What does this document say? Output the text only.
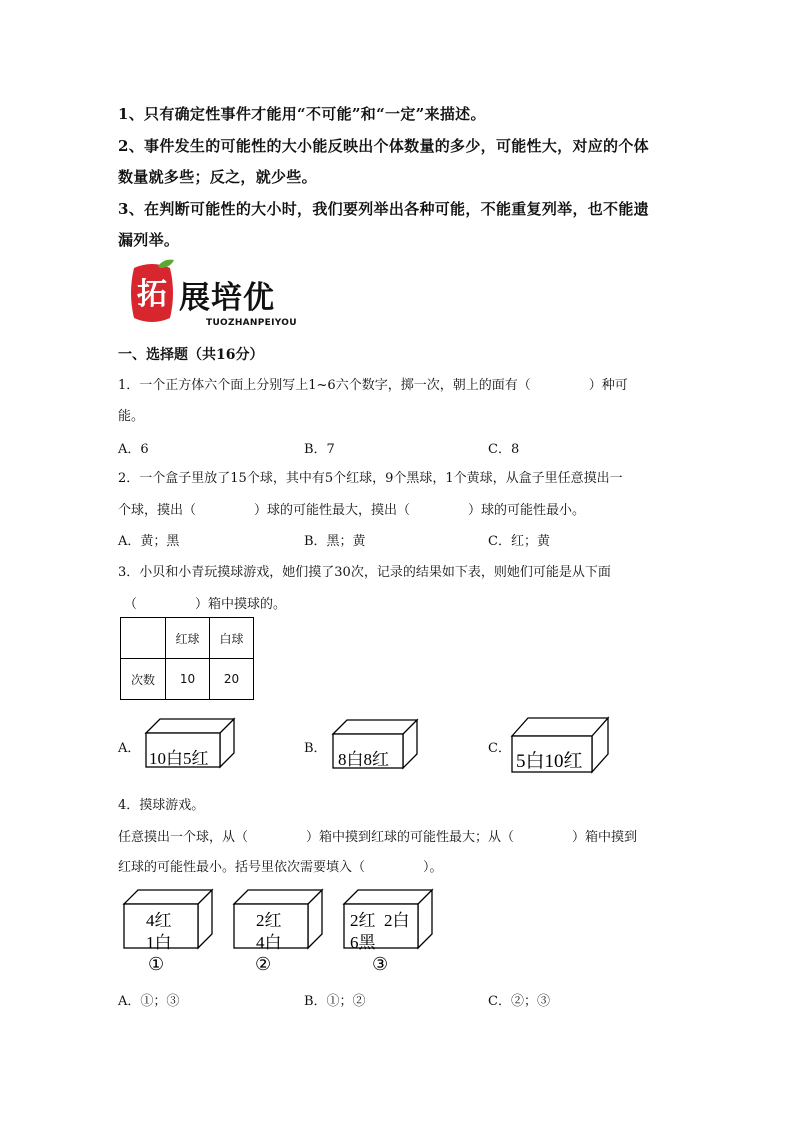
1、只有确定性事件才能用“不可能”和“一定”来描述。
2、事件发生的可能性的大小能反映出个体数量的多少，可能性大，对应的个体
数量就多些；反之，就少些。
3、在判断可能性的大小时，我们要列举出各种可能，不能重复列举，也不能遗
漏列举。
拓 展培优
TUOZHANPEIYOU
一、选择题（共16分）
1．一个正方体六个面上分别写上1~6六个数字，掷一次，朝上的面有（	）种可
能。
A．6	B．7	C．8
2．一个盒子里放了15个球，其中有5个红球，9个黑球，1个黄球，从盒子里任意摸出一
个球，摸出（	）球的可能性最大，摸出（	）球的可能性最小。
A．黄；黑	B．黑；黄	C．红；黄
3．小贝和小青玩摸球游戏，她们摸了30次，记录的结果如下表，则她们可能是从下面
（	）箱中摸球的。
	红球	白球
次数	10	20
A．
10白5红
B．
8白8红
C．
5白10红
4．摸球游戏。
任意摸出一个球，从（	）箱中摸到红球的可能性最大；从（	）箱中摸到
红球的可能性最小。括号里依次需要填入（	）。
4红
1白
①
2红
4白
②
2红  2白
6黑
③
A．①；③	B．①；②	C．②；③
